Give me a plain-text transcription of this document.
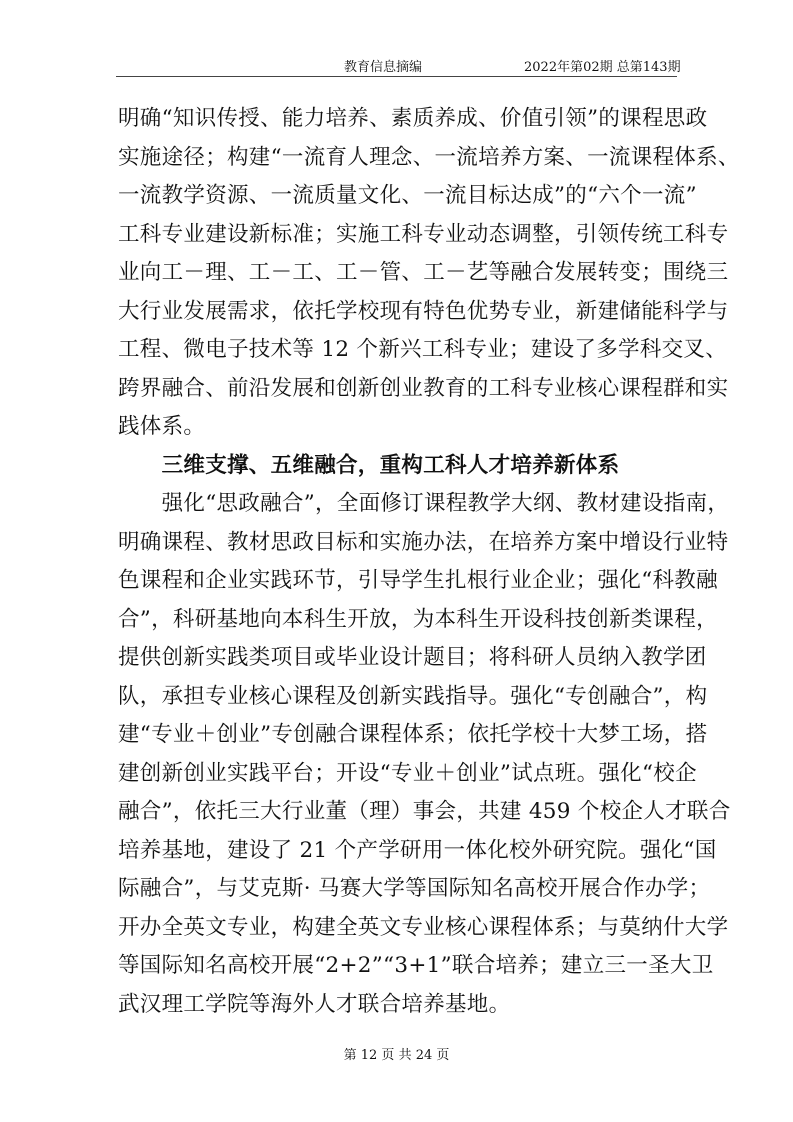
教育信息摘编	2022年第02期 总第143期
明确“知识传授、能力培养、素质养成、价值引领”的课程思政
实施途径；构建“一流育人理念、一流培养方案、一流课程体系、
一流教学资源、一流质量文化、一流目标达成”的“六个一流”
工科专业建设新标准；实施工科专业动态调整，引领传统工科专
业向工－理、工－工、工－管、工－艺等融合发展转变；围绕三
大行业发展需求，依托学校现有特色优势专业，新建储能科学与
工程、微电子技术等 12 个新兴工科专业；建设了多学科交叉、
跨界融合、前沿发展和创新创业教育的工科专业核心课程群和实
践体系。
　　三维支撑、五维融合，重构工科人才培养新体系
　　强化“思政融合”，全面修订课程教学大纲、教材建设指南，
明确课程、教材思政目标和实施办法，在培养方案中增设行业特
色课程和企业实践环节，引导学生扎根行业企业；强化“科教融
合”，科研基地向本科生开放，为本科生开设科技创新类课程，
提供创新实践类项目或毕业设计题目；将科研人员纳入教学团
队，承担专业核心课程及创新实践指导。强化“专创融合”，构
建“专业＋创业”专创融合课程体系；依托学校十大梦工场，搭
建创新创业实践平台；开设“专业＋创业”试点班。强化“校企
融合”，依托三大行业董（理）事会，共建 459 个校企人才联合
培养基地，建设了 21 个产学研用一体化校外研究院。强化“国
际融合”，与艾克斯· 马赛大学等国际知名高校开展合作办学；
开办全英文专业，构建全英文专业核心课程体系；与莫纳什大学
等国际知名高校开展“2+2”“3+1”联合培养；建立三一圣大卫
武汉理工学院等海外人才联合培养基地。
第 12 页 共 24 页
